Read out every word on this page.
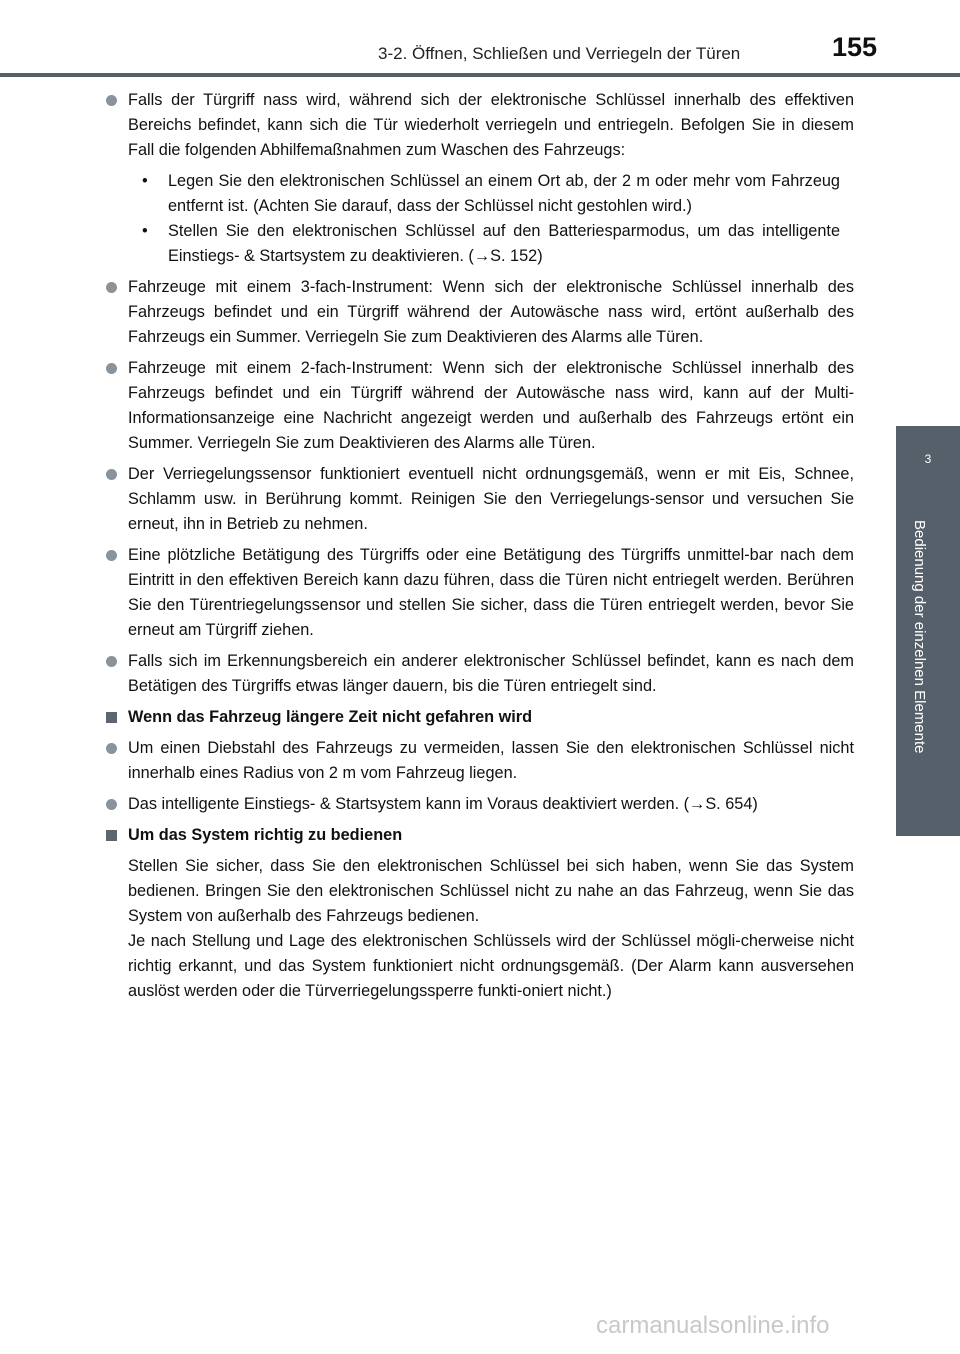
3-2. Öffnen, Schließen und Verriegeln der Türen	155
3
Bedienung der einzelnen Elemente
Falls der Türgriff nass wird, während sich der elektronische Schlüssel innerhalb des effektiven Bereichs befindet, kann sich die Tür wiederholt verriegeln und entriegeln. Befolgen Sie in diesem Fall die folgenden Abhilfemaßnahmen zum Waschen des Fahrzeugs:
• Legen Sie den elektronischen Schlüssel an einem Ort ab, der 2 m oder mehr vom Fahrzeug entfernt ist. (Achten Sie darauf, dass der Schlüssel nicht gestohlen wird.)
• Stellen Sie den elektronischen Schlüssel auf den Batteriesparmodus, um das intelligente Einstiegs- & Startsystem zu deaktivieren. (→S. 152)
Fahrzeuge mit einem 3-fach-Instrument: Wenn sich der elektronische Schlüssel innerhalb des Fahrzeugs befindet und ein Türgriff während der Autowäsche nass wird, ertönt außerhalb des Fahrzeugs ein Summer. Verriegeln Sie zum Deaktivieren des Alarms alle Türen.
Fahrzeuge mit einem 2-fach-Instrument: Wenn sich der elektronische Schlüssel innerhalb des Fahrzeugs befindet und ein Türgriff während der Autowäsche nass wird, kann auf der Multi-Informationsanzeige eine Nachricht angezeigt werden und außerhalb des Fahrzeugs ertönt ein Summer. Verriegeln Sie zum Deaktivieren des Alarms alle Türen.
Der Verriegelungssensor funktioniert eventuell nicht ordnungsgemäß, wenn er mit Eis, Schnee, Schlamm usw. in Berührung kommt. Reinigen Sie den Verriegelungs-sensor und versuchen Sie erneut, ihn in Betrieb zu nehmen.
Eine plötzliche Betätigung des Türgriffs oder eine Betätigung des Türgriffs unmittel-bar nach dem Eintritt in den effektiven Bereich kann dazu führen, dass die Türen nicht entriegelt werden. Berühren Sie den Türentriegelungssensor und stellen Sie sicher, dass die Türen entriegelt werden, bevor Sie erneut am Türgriff ziehen.
Falls sich im Erkennungsbereich ein anderer elektronischer Schlüssel befindet, kann es nach dem Betätigen des Türgriffs etwas länger dauern, bis die Türen entriegelt sind.
Wenn das Fahrzeug längere Zeit nicht gefahren wird
Um einen Diebstahl des Fahrzeugs zu vermeiden, lassen Sie den elektronischen Schlüssel nicht innerhalb eines Radius von 2 m vom Fahrzeug liegen.
Das intelligente Einstiegs- & Startsystem kann im Voraus deaktiviert werden. (→S. 654)
Um das System richtig zu bedienen
Stellen Sie sicher, dass Sie den elektronischen Schlüssel bei sich haben, wenn Sie das System bedienen. Bringen Sie den elektronischen Schlüssel nicht zu nahe an das Fahrzeug, wenn Sie das System von außerhalb des Fahrzeugs bedienen.
Je nach Stellung und Lage des elektronischen Schlüssels wird der Schlüssel mögli-cherweise nicht richtig erkannt, und das System funktioniert nicht ordnungsgemäß. (Der Alarm kann ausversehen auslöst werden oder die Türverriegelungssperre funkti-oniert nicht.)
carmanualsonline.info
